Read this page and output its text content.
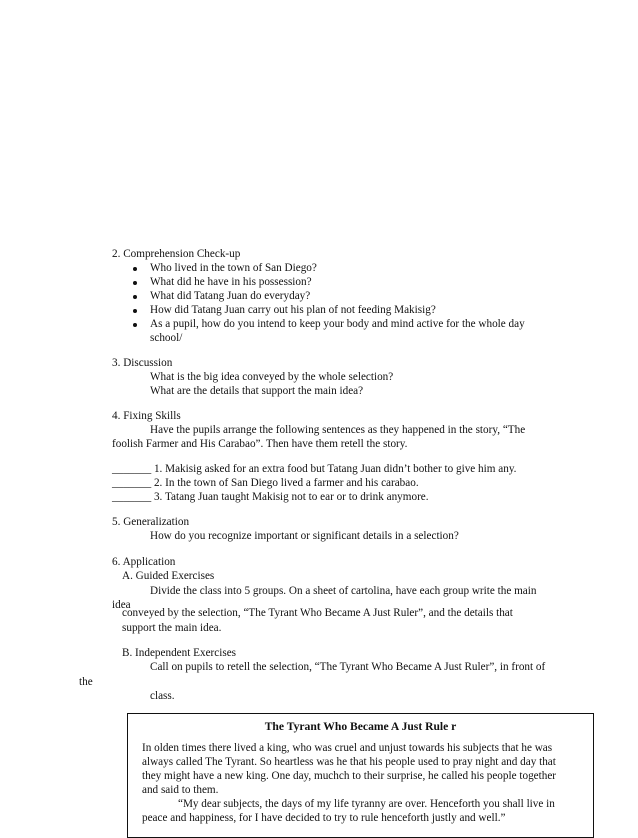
2. Comprehension Check-up
Who lived in the town of San Diego?
What did he have in his possession?
What did Tatang Juan do everyday?
How did Tatang Juan carry out his plan of not feeding Makisig?
As a pupil, how do you intend to keep your body and mind active for the whole day
school/
3. Discussion
What is the big idea conveyed by the whole selection?
What are the details that support the main idea?
4. Fixing Skills
Have the pupils arrange the following sentences as they happened in the story, “The
foolish Farmer and His Carabao”. Then have them retell the story.
_______ 1. Makisig asked for an extra food but Tatang Juan didn’t bother to give him any.
_______ 2. In the town of San Diego lived a farmer and his carabao.
_______ 3. Tatang Juan taught Makisig not to ear or to drink anymore.
5. Generalization
How do you recognize important or significant details in a selection?
6. Application
A. Guided Exercises
Divide the class into 5 groups. On a sheet of cartolina, have each group write the main
idea
conveyed by the selection, “The Tyrant Who Became A Just Ruler”, and the details that
support the main idea.
B. Independent Exercises
Call on pupils to retell the selection, “The Tyrant Who Became A Just Ruler”, in front of
the
class.
The Tyrant Who Became A Just Rule r
In olden times there lived a king, who was cruel and unjust towards his subjects that he was
always called The Tyrant. So heartless was he that his people used to pray night and day that
they might have a new king. One day, muchch to their surprise, he called his people together
and said to them.
“My dear subjects, the days of my life tyranny are over. Henceforth you shall live in
peace and happiness, for I have decided to try to rule henceforth justly and well.”
